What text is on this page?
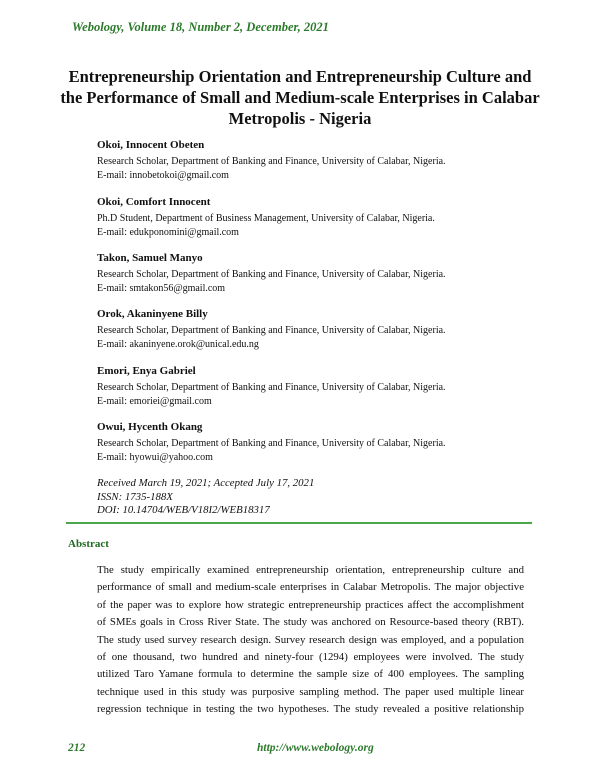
Webology, Volume 18, Number 2, December, 2021
Entrepreneurship Orientation and Entrepreneurship Culture and
the Performance of Small and Medium-scale Enterprises in Calabar
Metropolis - Nigeria
Okoi, Innocent Obeten
Research Scholar, Department of Banking and Finance, University of Calabar, Nigeria.
E-mail: innobetokoi@gmail.com
Okoi, Comfort Innocent
Ph.D Student, Department of Business Management, University of Calabar, Nigeria.
E-mail: edukponomini@gmail.com
Takon, Samuel Manyo
Research Scholar, Department of Banking and Finance, University of Calabar, Nigeria.
E-mail: smtakon56@gmail.com
Orok, Akaninyene Billy
Research Scholar, Department of Banking and Finance, University of Calabar, Nigeria.
E-mail: akaninyene.orok@unical.edu.ng
Emori, Enya Gabriel
Research Scholar, Department of Banking and Finance, University of Calabar, Nigeria.
E-mail: emoriei@gmail.com
Owui, Hycenth Okang
Research Scholar, Department of Banking and Finance, University of Calabar, Nigeria.
E-mail: hyowui@yahoo.com
Received March 19, 2021; Accepted July 17, 2021
ISSN: 1735-188X
DOI: 10.14704/WEB/V18I2/WEB18317
Abstract
The study empirically examined entrepreneurship orientation, entrepreneurship culture and
performance of small and medium-scale enterprises in Calabar Metropolis. The major objective
of the paper was to explore how strategic entrepreneurship practices affect the accomplishment
of SMEs goals in Cross River State. The study was anchored on Resource-based theory (RBT).
The study used survey research design. Survey research design was employed, and a population
of one thousand, two hundred and ninety-four (1294) employees were involved. The study
utilized Taro Yamane formula to determine the sample size of 400 employees. The sampling
technique used in this study was purposive sampling method. The paper used multiple linear
regression technique in testing the two hypotheses. The study revealed a positive relationship
212	http://www.webology.org
